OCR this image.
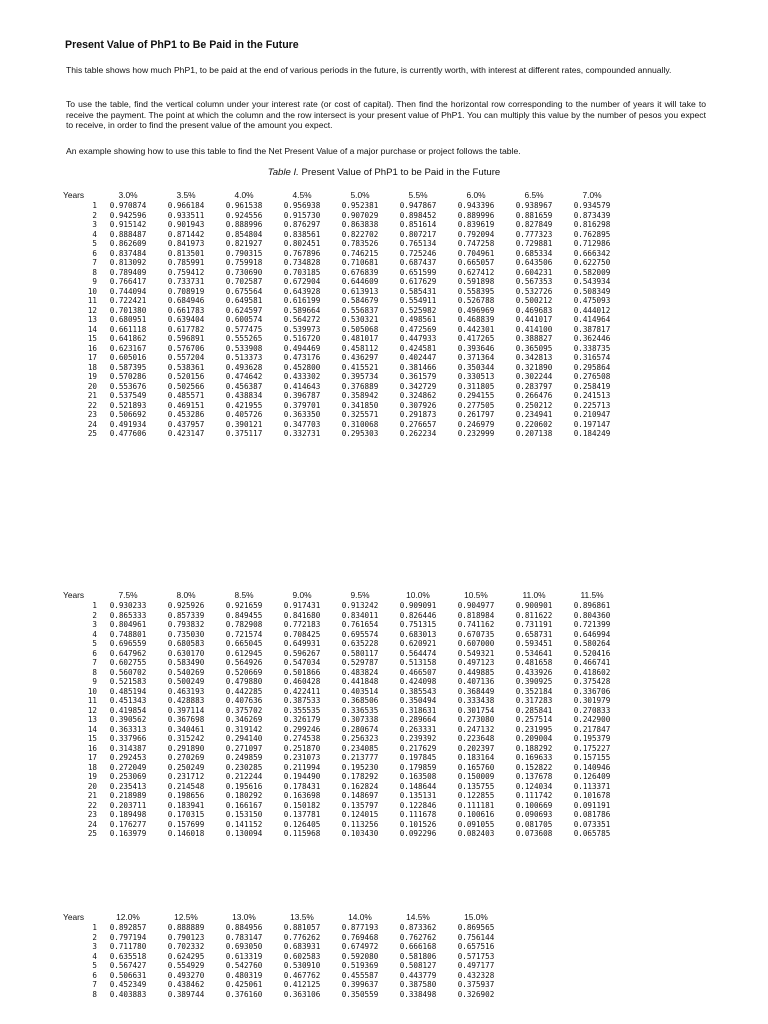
Present Value of PhP1 to Be Paid in the Future

This table shows how much PhP1, to be paid at the end of various periods in the future, is currently worth, with interest at different rates, compounded annually.

To use the table, find the vertical column under your interest rate (or cost of capital). Then find the horizontal row corresponding to the number of years it will take to receive the payment. The point at which the column and the row intersect is your present value of PhP1. You can multiply this value by the number of pesos you expect to receive, in order to find the present value of the amount you expect.

An example showing how to use this table to find the Net Present Value of a major purchase or project follows the table.

Table I. Present Value of PhP1 to be Paid in the Future
Years	3.0%	3.5%	4.0%	4.5%	5.0%	5.5%	6.0%	6.5%	7.0%
1	0.970874	0.966184	0.961538	0.956938	0.952381	0.947867	0.943396	0.938967	0.934579
2	0.942596	0.933511	0.924556	0.915730	0.907029	0.898452	0.889996	0.881659	0.873439
3	0.915142	0.901943	0.888996	0.876297	0.863838	0.851614	0.839619	0.827849	0.816298
4	0.888487	0.871442	0.854804	0.838561	0.822702	0.807217	0.792094	0.777323	0.762895
5	0.862609	0.841973	0.821927	0.802451	0.783526	0.765134	0.747258	0.729881	0.712986
6	0.837484	0.813501	0.790315	0.767896	0.746215	0.725246	0.704961	0.685334	0.666342
7	0.813092	0.785991	0.759918	0.734828	0.710681	0.687437	0.665057	0.643506	0.622750
8	0.789409	0.759412	0.730690	0.703185	0.676839	0.651599	0.627412	0.604231	0.582009
9	0.766417	0.733731	0.702587	0.672904	0.644609	0.617629	0.591898	0.567353	0.543934
10	0.744094	0.708919	0.675564	0.643928	0.613913	0.585431	0.558395	0.532726	0.508349
11	0.722421	0.684946	0.649581	0.616199	0.584679	0.554911	0.526788	0.500212	0.475093
12	0.701380	0.661783	0.624597	0.589664	0.556837	0.525982	0.496969	0.469683	0.444012
13	0.680951	0.639404	0.600574	0.564272	0.530321	0.498561	0.468839	0.441017	0.414964
14	0.661118	0.617782	0.577475	0.539973	0.505068	0.472569	0.442301	0.414100	0.387817
15	0.641862	0.596891	0.555265	0.516720	0.481017	0.447933	0.417265	0.388827	0.362446
16	0.623167	0.576706	0.533908	0.494469	0.458112	0.424581	0.393646	0.365095	0.338735
17	0.605016	0.557204	0.513373	0.473176	0.436297	0.402447	0.371364	0.342813	0.316574
18	0.587395	0.538361	0.493628	0.452800	0.415521	0.381466	0.350344	0.321890	0.295864
19	0.570286	0.520156	0.474642	0.433302	0.395734	0.361579	0.330513	0.302244	0.276508
20	0.553676	0.502566	0.456387	0.414643	0.376889	0.342729	0.311805	0.283797	0.258419
21	0.537549	0.485571	0.438834	0.396787	0.358942	0.324862	0.294155	0.266476	0.241513
22	0.521893	0.469151	0.421955	0.379701	0.341850	0.307926	0.277505	0.250212	0.225713
23	0.506692	0.453286	0.405726	0.363350	0.325571	0.291873	0.261797	0.234941	0.210947
24	0.491934	0.437957	0.390121	0.347703	0.310068	0.276657	0.246979	0.220602	0.197147
25	0.477606	0.423147	0.375117	0.332731	0.295303	0.262234	0.232999	0.207138	0.184249
Years	7.5%	8.0%	8.5%	9.0%	9.5%	10.0%	10.5%	11.0%	11.5%
1	0.930233	0.925926	0.921659	0.917431	0.913242	0.909091	0.904977	0.900901	0.896861
2	0.865333	0.857339	0.849455	0.841680	0.834011	0.826446	0.818984	0.811622	0.804360
3	0.804961	0.793832	0.782908	0.772183	0.761654	0.751315	0.741162	0.731191	0.721399
4	0.748801	0.735030	0.721574	0.708425	0.695574	0.683013	0.670735	0.658731	0.646994
5	0.696559	0.680583	0.665045	0.649931	0.635228	0.620921	0.607000	0.593451	0.580264
6	0.647962	0.630170	0.612945	0.596267	0.580117	0.564474	0.549321	0.534641	0.520416
7	0.602755	0.583490	0.564926	0.547034	0.529787	0.513158	0.497123	0.481658	0.466741
8	0.560702	0.540269	0.520669	0.501866	0.483824	0.466507	0.449885	0.433926	0.418602
9	0.521583	0.500249	0.479880	0.460428	0.441848	0.424098	0.407136	0.390925	0.375428
10	0.485194	0.463193	0.442285	0.422411	0.403514	0.385543	0.368449	0.352184	0.336706
11	0.451343	0.428883	0.407636	0.387533	0.368506	0.350494	0.333438	0.317283	0.301979
12	0.419854	0.397114	0.375702	0.355535	0.336535	0.318631	0.301754	0.285841	0.270833
13	0.390562	0.367698	0.346269	0.326179	0.307338	0.289664	0.273080	0.257514	0.242900
14	0.363313	0.340461	0.319142	0.299246	0.280674	0.263331	0.247132	0.231995	0.217847
15	0.337966	0.315242	0.294140	0.274538	0.256323	0.239392	0.223648	0.209004	0.195379
16	0.314387	0.291890	0.271097	0.251870	0.234085	0.217629	0.202397	0.188292	0.175227
17	0.292453	0.270269	0.249859	0.231073	0.213777	0.197845	0.183164	0.169633	0.157155
18	0.272049	0.250249	0.230285	0.211994	0.195230	0.179859	0.165760	0.152822	0.140946
19	0.253069	0.231712	0.212244	0.194490	0.178292	0.163508	0.150009	0.137678	0.126409
20	0.235413	0.214548	0.195616	0.178431	0.162824	0.148644	0.135755	0.124034	0.113371
21	0.218989	0.198656	0.180292	0.163698	0.148697	0.135131	0.122855	0.111742	0.101678
22	0.203711	0.183941	0.166167	0.150182	0.135797	0.122846	0.111181	0.100669	0.091191
23	0.189498	0.170315	0.153150	0.137781	0.124015	0.111678	0.100616	0.090693	0.081786
24	0.176277	0.157699	0.141152	0.126405	0.113256	0.101526	0.091055	0.081705	0.073351
25	0.163979	0.146018	0.130094	0.115968	0.103430	0.092296	0.082403	0.073608	0.065785
Years	12.0%	12.5%	13.0%	13.5%	14.0%	14.5%	15.0%
1	0.892857	0.888889	0.884956	0.881057	0.877193	0.873362	0.869565
2	0.797194	0.790123	0.783147	0.776262	0.769468	0.762762	0.756144
3	0.711780	0.702332	0.693050	0.683931	0.674972	0.666168	0.657516
4	0.635518	0.624295	0.613319	0.602583	0.592080	0.581806	0.571753
5	0.567427	0.554929	0.542760	0.530910	0.519369	0.508127	0.497177
6	0.506631	0.493270	0.480319	0.467762	0.455587	0.443779	0.432328
7	0.452349	0.438462	0.425061	0.412125	0.399637	0.387580	0.375937
8	0.403883	0.389744	0.376160	0.363106	0.350559	0.338498	0.326902
